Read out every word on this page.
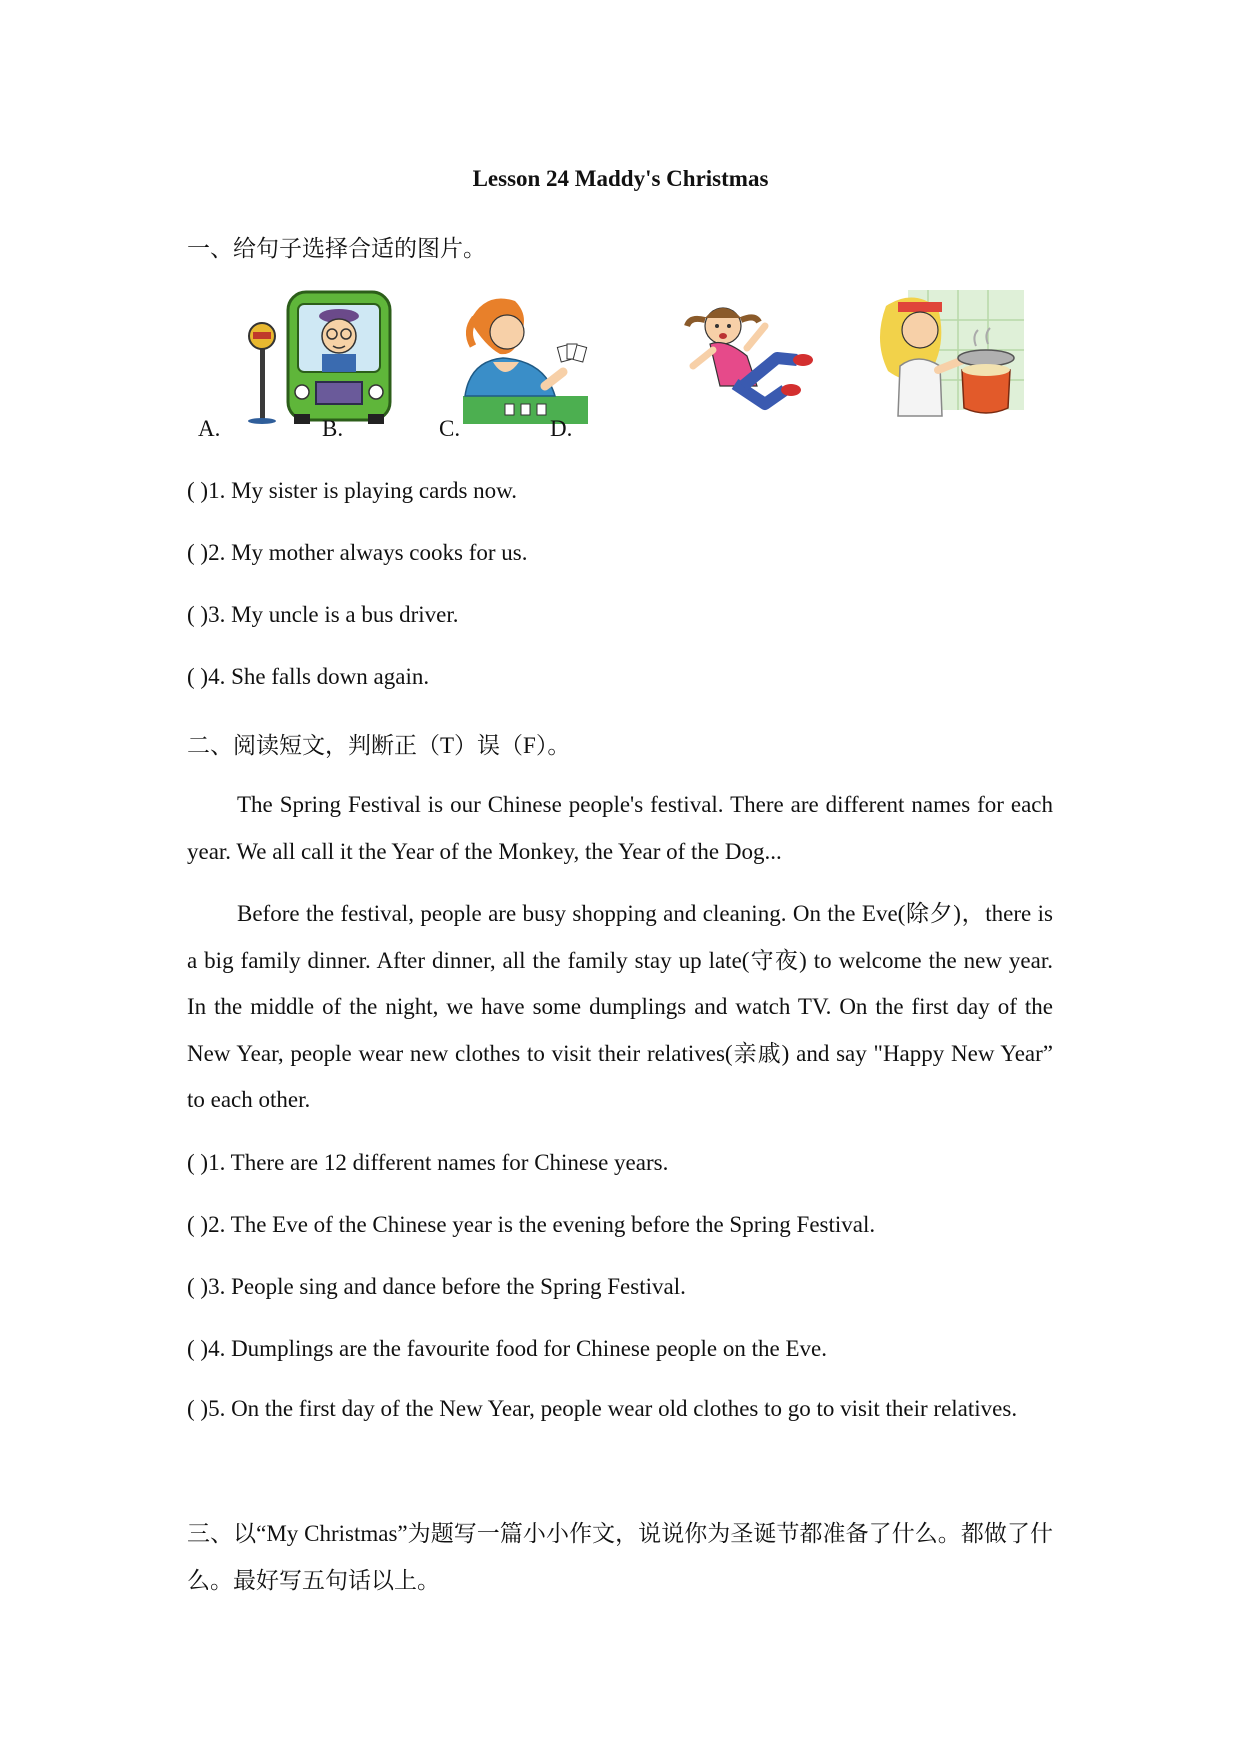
Lesson 24 Maddy's Christmas
一、给句子选择合适的图片。
A.	B.	C.	D.
( )1. My sister is playing cards now.
( )2. My mother always cooks for us.
( )3. My uncle is a bus driver.
( )4. She falls down again.
二、阅读短文，判断正（T）误（F）。

The Spring Festival is our Chinese people's festival. There are different names for each year. We all call it the Year of the Monkey, the Year of the Dog...

Before the festival, people are busy shopping and cleaning. On the Eve(除夕)，there is a big family dinner. After dinner, all the family stay up late(守夜) to welcome the new year. In the middle of the night, we have some dumplings and watch TV. On the first day of the New Year, people wear new clothes to visit their relatives(亲戚) and say "Happy New Year” to each other.

( )1. There are 12 different names for Chinese years.
( )2. The Eve of the Chinese year is the evening before the Spring Festival.
( )3. People sing and dance before the Spring Festival.
( )4. Dumplings are the favourite food for Chinese people on the Eve.
( )5. On the first day of the New Year, people wear old clothes to go to visit their relatives.
三、以“My Christmas”为题写一篇小小作文，说说你为圣诞节都准备了什么。都做了什么。最好写五句话以上。
